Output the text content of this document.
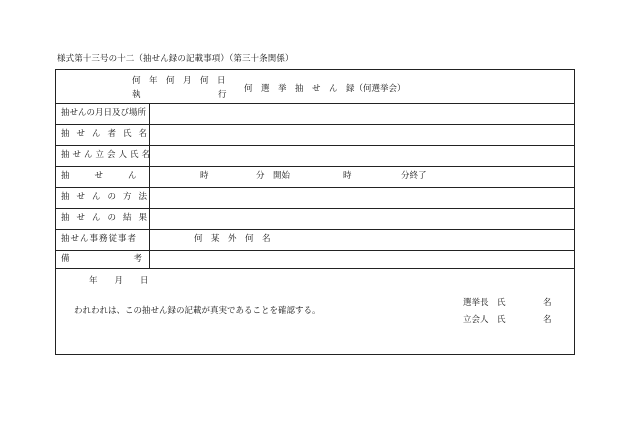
様式第十三号の十二（抽せん録の記載事項）（第三十条関係）
何　年　何　月　何　日
執	行
何　選　挙　抽　せ　ん　録（何選挙会）
抽せんの月日及び場所
抽せん者氏名
抽せん立会人氏名
抽せん	時	分　開始	時	分終了
抽せんの方法
抽せんの結果
抽せん事務従事者	何　某　外　何　名
備考
年　　月　　日
われわれは、この抽せん録の記載が真実であることを確認する。
選挙長　氏	名
立会人　氏	名
